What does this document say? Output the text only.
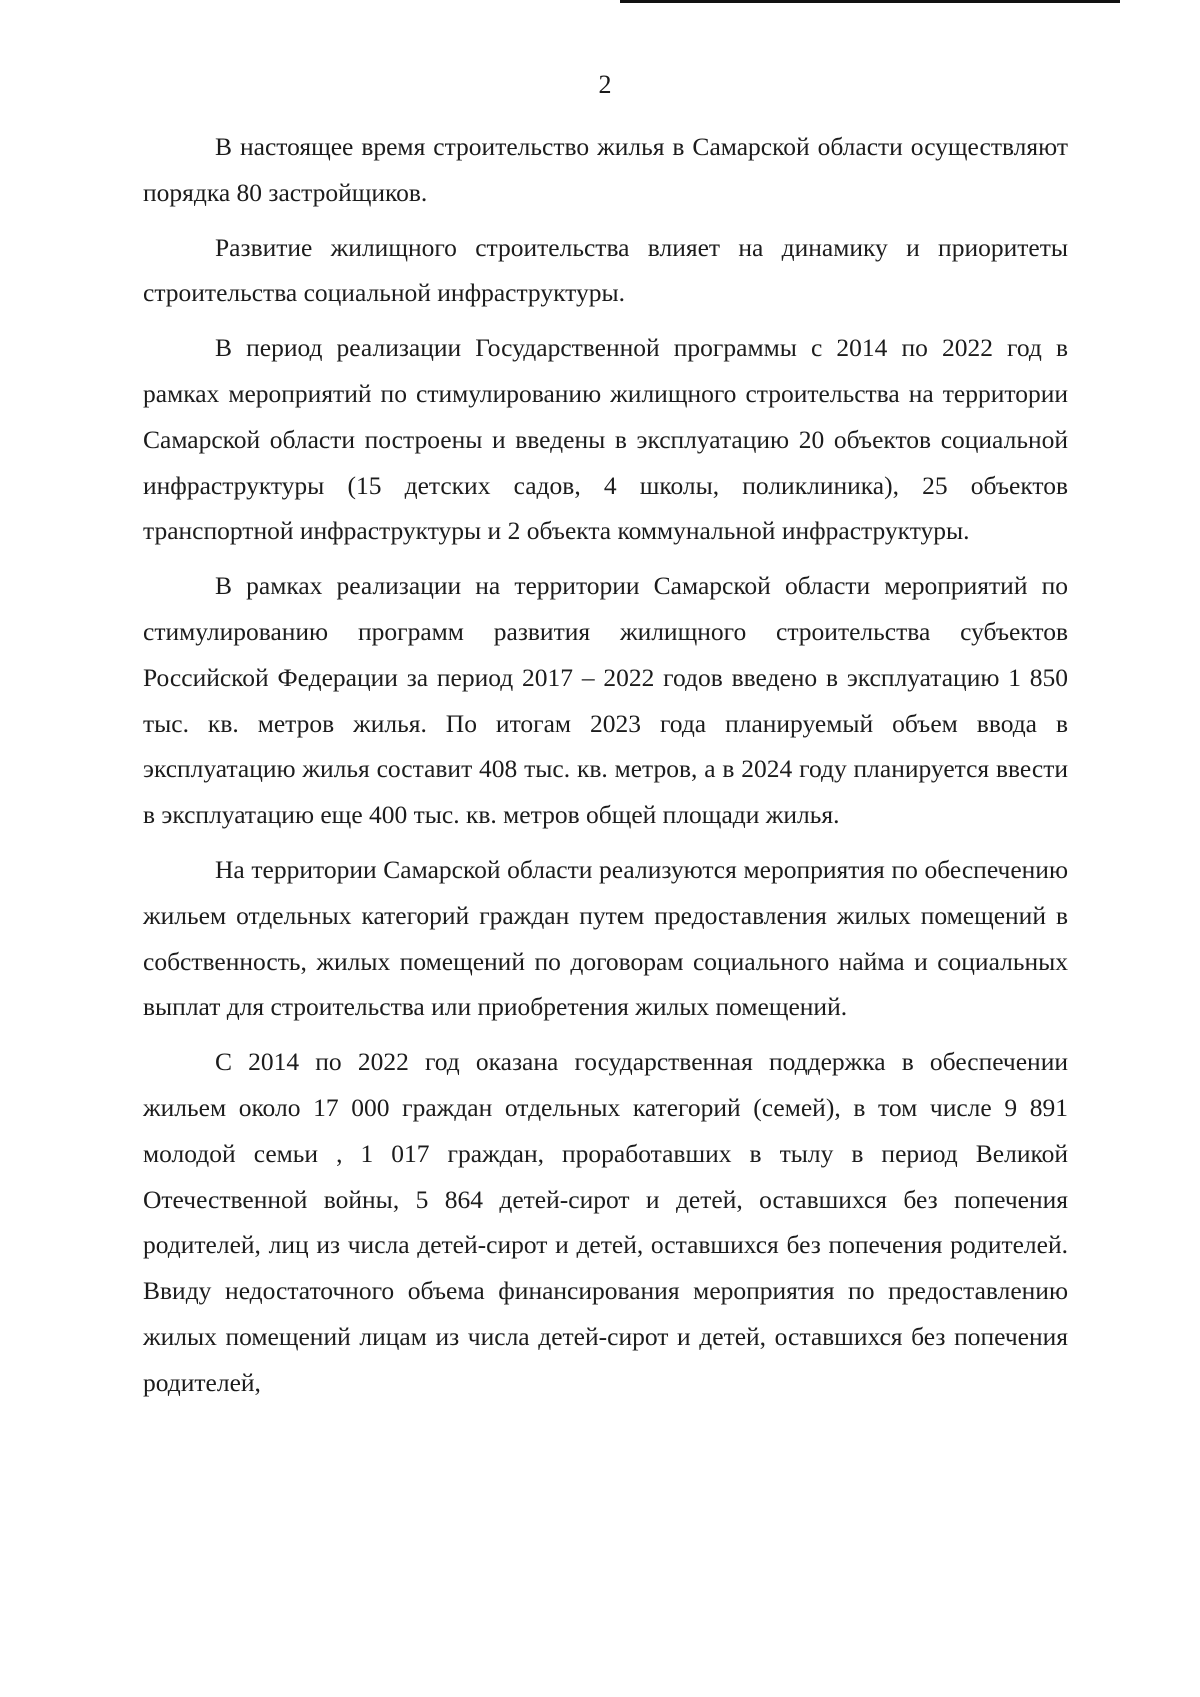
2

В настоящее время строительство жилья в Самарской области осуществляют порядка 80 застройщиков.

Развитие жилищного строительства влияет на динамику и приоритеты строительства социальной инфраструктуры.

В период реализации Государственной программы с 2014 по 2022 год в рамках мероприятий по стимулированию жилищного строительства на территории Самарской области построены и введены в эксплуатацию 20 объектов социальной инфраструктуры (15 детских садов, 4 школы, поликлиника), 25 объектов транспортной инфраструктуры и 2 объекта коммунальной инфраструктуры.

В рамках реализации на территории Самарской области мероприятий по стимулированию программ развития жилищного строительства субъектов Российской Федерации за период 2017 – 2022 годов введено в эксплуатацию 1 850 тыс. кв. метров жилья. По итогам 2023 года планируемый объем ввода в эксплуатацию жилья составит 408 тыс. кв. метров, а в 2024 году планируется ввести в эксплуатацию еще 400 тыс. кв. метров общей площади жилья.

На территории Самарской области реализуются мероприятия по обеспечению жильем отдельных категорий граждан путем предоставления жилых помещений в собственность, жилых помещений по договорам социального найма и социальных выплат для строительства или приобретения жилых помещений.

С 2014 по 2022 год оказана государственная поддержка в обеспечении жильем около 17 000 граждан отдельных категорий (семей), в том числе 9 891 молодой семьи , 1 017 граждан, проработавших в тылу в период Великой Отечественной войны, 5 864 детей-сирот и детей, оставшихся без попечения родителей, лиц из числа детей-сирот и детей, оставшихся без попечения родителей. Ввиду недостаточного объема финансирования мероприятия по предоставлению жилых помещений лицам из числа детей-сирот и детей, оставшихся без попечения родителей,
